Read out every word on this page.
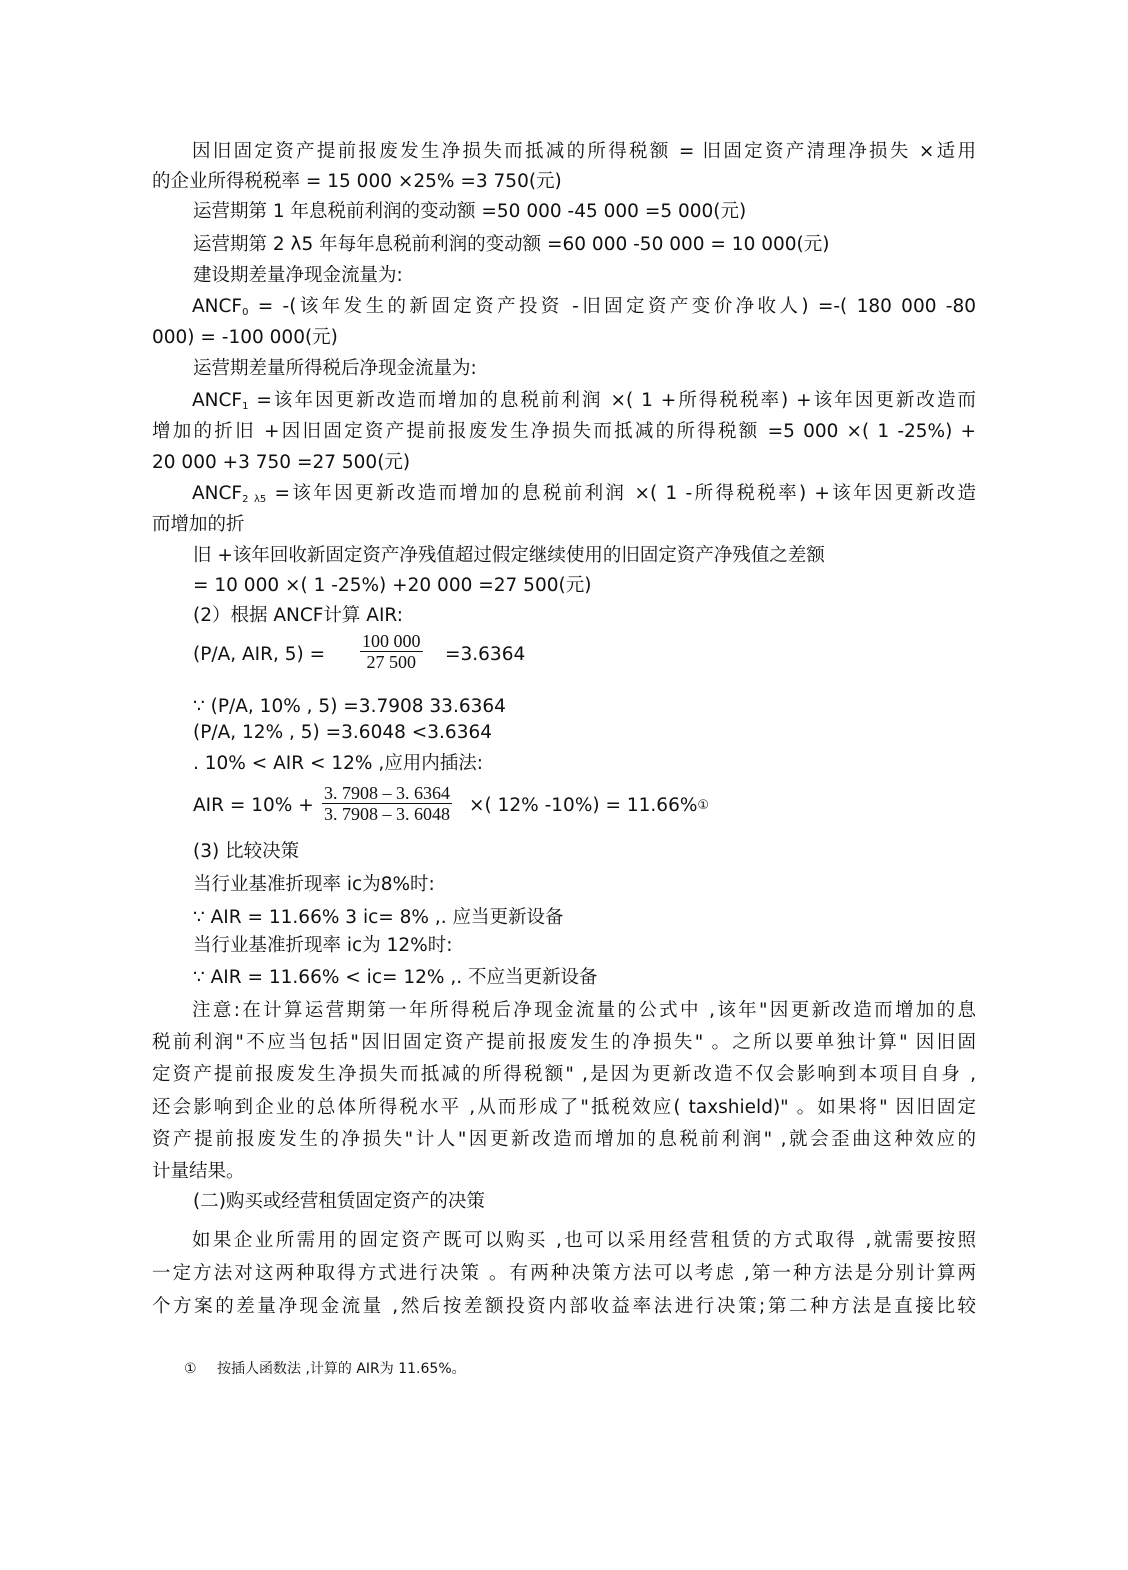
因旧固定资产提前报废发生净损失而抵减的所得税额 = 旧固定资产清理净损失 ×适用
的企业所得税税率 = 15 000 ×25% =3 750(元)
运营期第 1 年息税前利润的变动额 =50 000 -45 000 =5 000(元)
运营期第 2 λ5 年每年息税前利润的变动额 =60 000 -50 000 = 10 000(元)
建设期差量净现金流量为:
$ANCF_0$ = -(该年发生的新固定资产投资 -旧固定资产变价净收人) =-( 180 000 -80
000) = -100 000(元)
运营期差量所得税后净现金流量为:
$ANCF_1$ =该年因更新改造而增加的息税前利润 ×( 1 +所得税税率) +该年因更新改造而
增加的折旧 +因旧固定资产提前报废发生净损失而抵减的所得税额 =5 000 ×( 1 -25%) +
20 000 +3 750 =27 500(元)
$ANCF_{2 \lambda 5}$ =该年因更新改造而增加的息税前利润 ×( 1 -所得税税率) +该年因更新改造
而增加的折
旧 +该年回收新固定资产净残值超过假定继续使用的旧固定资产净残值之差额
= 10 000 ×( 1 -25%) +20 000 =27 500(元)
(2）根据 ANCF计算 AIR:
(P/A, AIR, $5) = \frac{100 000}{27 500} =3.6364$
∵ (P/A, 10% , 5) =3.7908 33.6364
(P/A, 12% , 5) =3.6048 <3.6364
. 10% < AIR < 12% ,应用内插法:
AIR = $10\% + \frac{3. 7908 - 3. 6364}{3. 7908 - 3. 6048}$ ×( 12% -10%) = 11.66%①
(3) 比较决策
当行业基准折现率 ic为8%时:
∵ AIR = 11.66% 3 ic= 8% ,. 应当更新设备
当行业基准折现率 ic为 12%时:
∵ AIR = 11.66% < ic= 12% ,. 不应当更新设备
注意:在计算运营期第一年所得税后净现金流量的公式中 ,该年"因更新改造而增加的息
税前利润"不应当包括"因旧固定资产提前报废发生的净损失" 。之所以要单独计算" 因旧固
定资产提前报废发生净损失而抵减的所得税额" ,是因为更新改造不仅会影响到本项目自身 ,
还会影响到企业的总体所得税水平 ,从而形成了"抵税效应( taxshield)" 。如果将" 因旧固定
资产提前报废发生的净损失"计人"因更新改造而增加的息税前利润" ,就会歪曲这种效应的
计量结果。
(二)购买或经营租赁固定资产的决策
如果企业所需用的固定资产既可以购买 ,也可以采用经营租赁的方式取得 ,就需要按照
一定方法对这两种取得方式进行决策 。有两种决策方法可以考虑 ,第一种方法是分别计算两
个方案的差量净现金流量 ,然后按差额投资内部收益率法进行决策;第二种方法是直接比较
① 按插人函数法 ,计算的 AIR为 11.65%。
